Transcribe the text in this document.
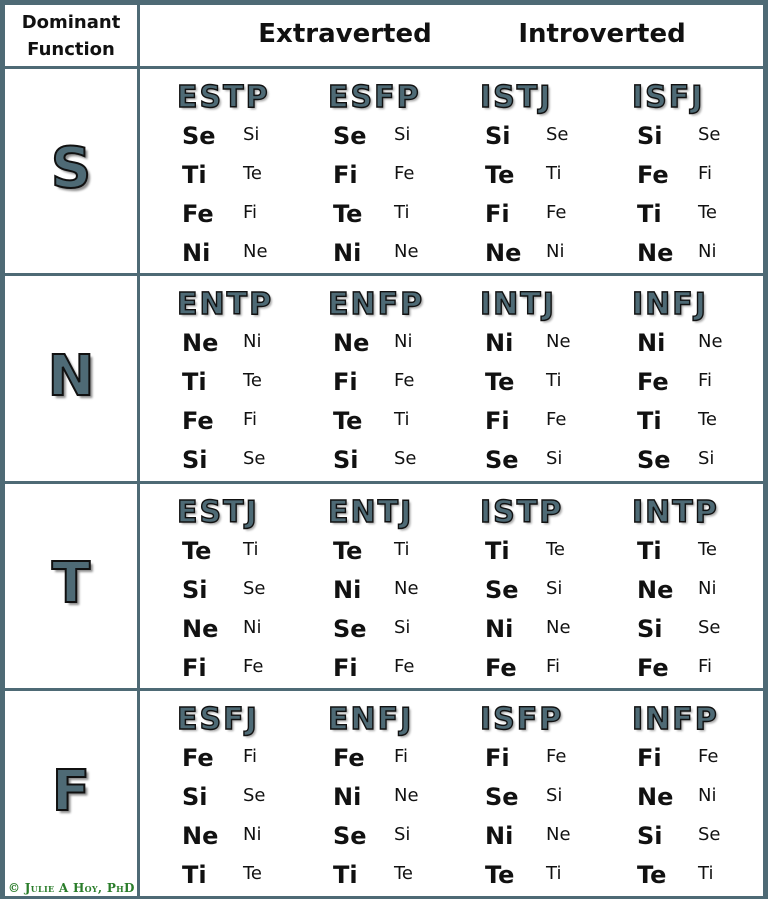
Dominant
Function
Extraverted	Introverted
S
ESTP
Se Si
Ti Te
Fe Fi
Ni Ne
ESFP
Se Si
Fi Fe
Te Ti
Ni Ne
ISTJ
Si Se
Te Ti
Fi Fe
Ne Ni
ISFJ
Si Se
Fe Fi
Ti Te
Ne Ni
N
ENTP
Ne Ni
Ti Te
Fe Fi
Si Se
ENFP
Ne Ni
Fi Fe
Te Ti
Si Se
INTJ
Ni Ne
Te Ti
Fi Fe
Se Si
INFJ
Ni Ne
Fe Fi
Ti Te
Se Si
T
ESTJ
Te Ti
Si Se
Ne Ni
Fi Fe
ENTJ
Te Ti
Ni Ne
Se Si
Fi Fe
ISTP
Ti Te
Se Si
Ni Ne
Fe Fi
INTP
Ti Te
Ne Ni
Si Se
Fe Fi
F
ESFJ
Fe Fi
Si Se
Ne Ni
Ti Te
ENFJ
Fe Fi
Ni Ne
Se Si
Ti Te
ISFP
Fi Fe
Se Si
Ni Ne
Te Ti
INFP
Fi Fe
Ne Ni
Si Se
Te Ti
© Julie A Hoy, PhD
